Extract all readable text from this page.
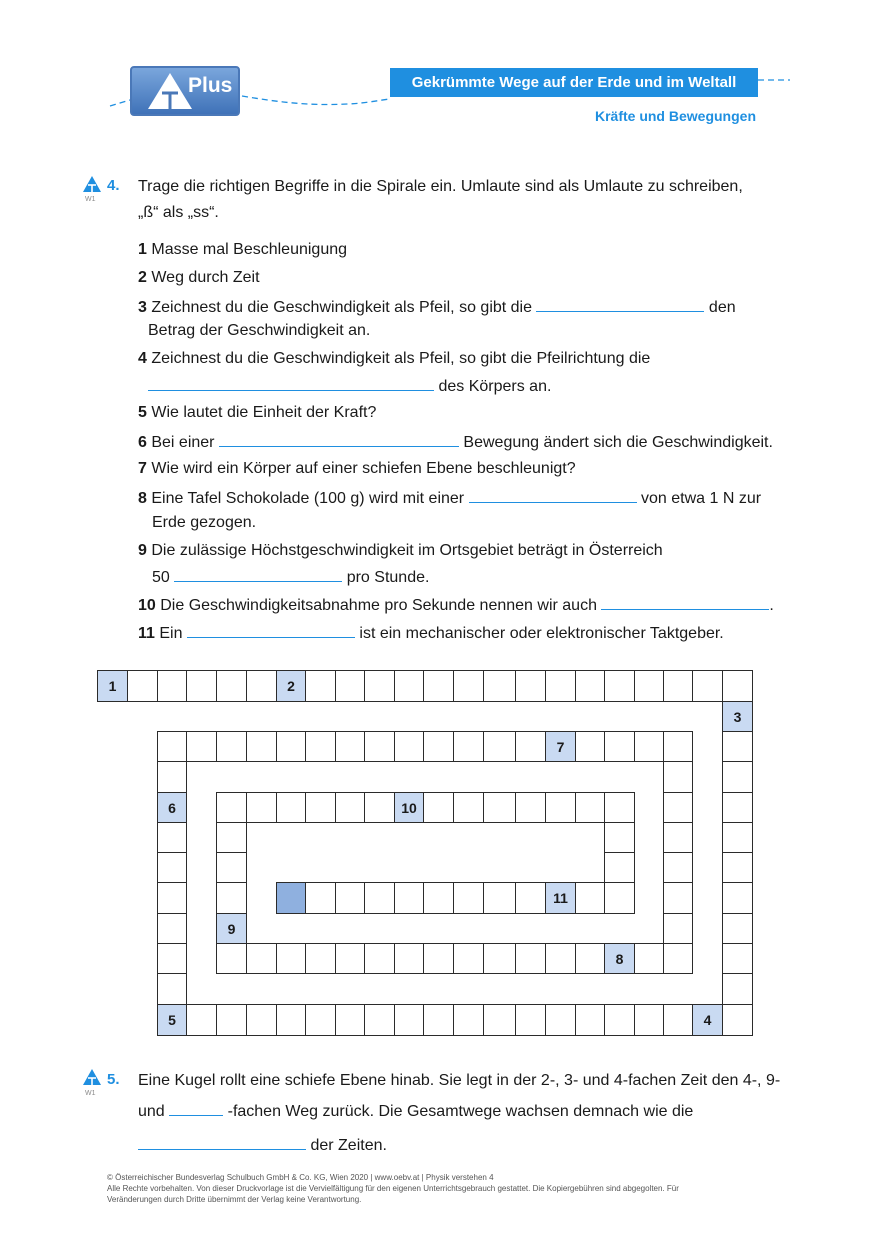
Plus	Gekrümmte Wege auf der Erde und im Weltall
Kräfte und Bewegungen
W1
4. Trage die richtigen Begriffe in die Spirale ein. Umlaute sind als Umlaute zu schreiben,
„ß“ als „ss“.
1 Masse mal Beschleunigung
2 Weg durch Zeit
3 Zeichnest du die Geschwindigkeit als Pfeil, so gibt die	den
Betrag der Geschwindigkeit an.
4 Zeichnest du die Geschwindigkeit als Pfeil, so gibt die Pfeilrichtung die
des Körpers an.
5 Wie lautet die Einheit der Kraft?
6 Bei einer	Bewegung ändert sich die Geschwindigkeit.
7 Wie wird ein Körper auf einer schiefen Ebene beschleunigt?
8 Eine Tafel Schokolade (100 g) wird mit einer	von etwa 1 N zur
Erde gezogen.
9 Die zulässige Höchstgeschwindigkeit im Ortsgebiet beträgt in Österreich
50	pro Stunde.
10 Die Geschwindigkeitsabnahme pro Sekunde nennen wir auch	.
11 Ein	ist ein mechanischer oder elektronischer Taktgeber.
1	2
3
5	4
6
7
8
9
10
11
W1
5. Eine Kugel rollt eine schiefe Ebene hinab. Sie legt in der 2-, 3- und 4-fachen Zeit den 4-, 9-
und	-fachen Weg zurück. Die Gesamtwege wachsen demnach wie die
der Zeiten.
© Österreichischer Bundesverlag Schulbuch GmbH & Co. KG, Wien 2020 | www.oebv.at | Physik verstehen 4
Alle Rechte vorbehalten. Von dieser Druckvorlage ist die Vervielfältigung für den eigenen Unterrichtsgebrauch gestattet. Die Kopiergebühren sind abgegolten. Für
Veränderungen durch Dritte übernimmt der Verlag keine Verantwortung.
